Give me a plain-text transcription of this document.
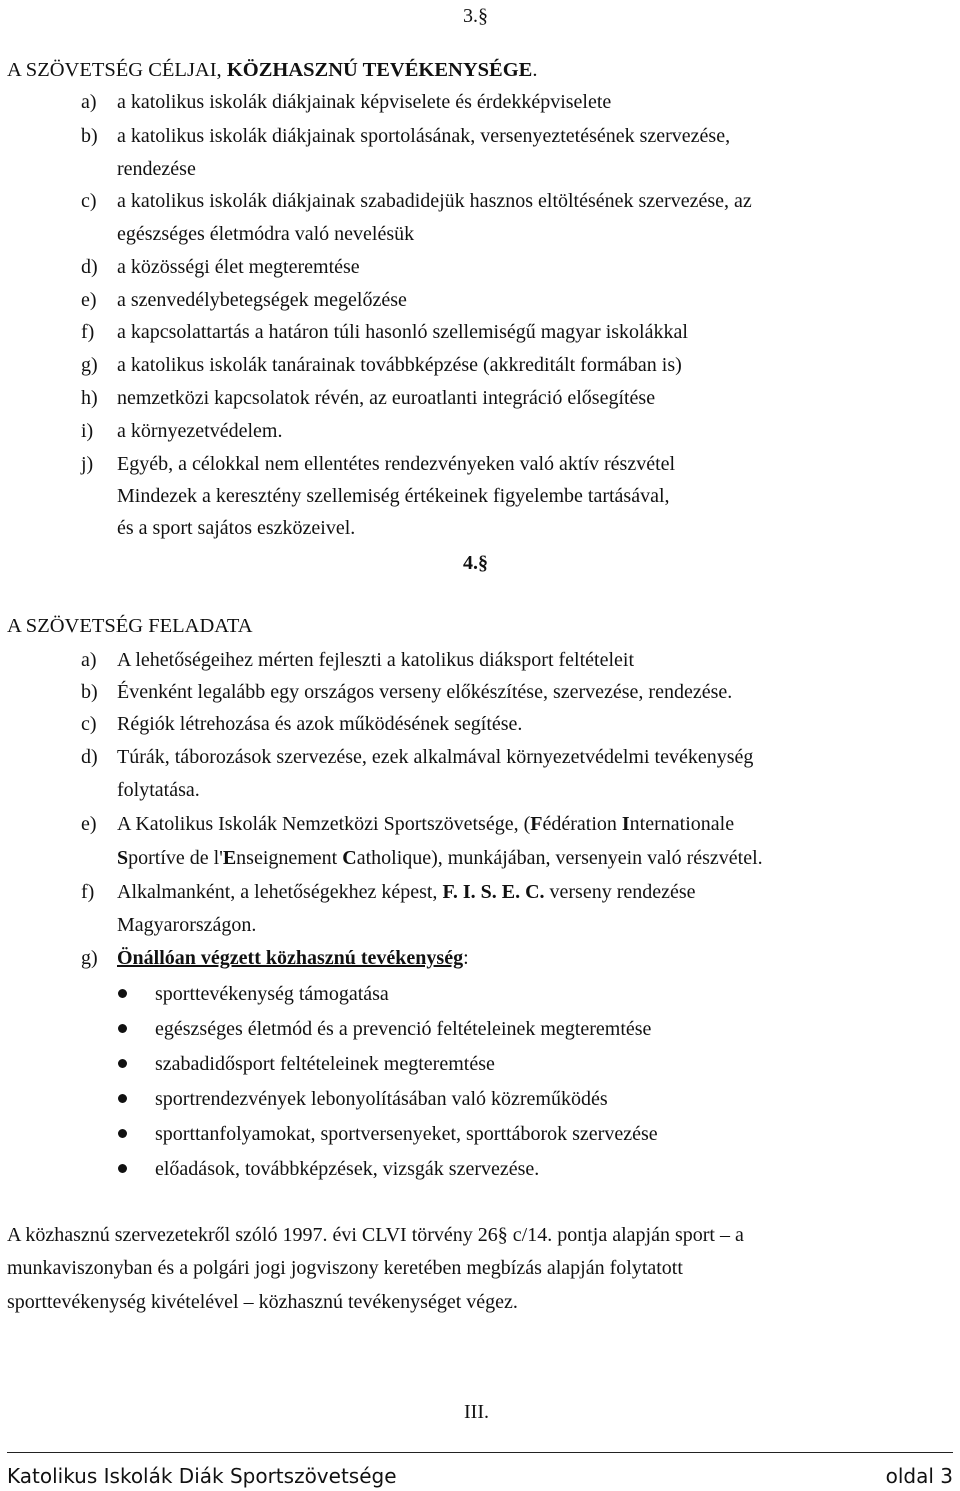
3.§
A SZÖVETSÉG CÉLJAI, KÖZHASZNÚ TEVÉKENYSÉGE.
a) a katolikus iskolák diákjainak képviselete és érdekképviselete
b) a katolikus iskolák diákjainak sportolásának, versenyeztetésének szervezése,
rendezése
c) a katolikus iskolák diákjainak szabadidejük hasznos eltöltésének szervezése, az
egészséges életmódra való nevelésük
d) a közösségi élet megteremtése
e) a szenvedélybetegségek megelőzése
f) a kapcsolattartás a határon túli hasonló szellemiségű magyar iskolákkal
g) a katolikus iskolák tanárainak továbbképzése (akkreditált formában is)
h) nemzetközi kapcsolatok révén, az euroatlanti integráció elősegítése
i) a környezetvédelem.
j) Egyéb, a célokkal nem ellentétes rendezvényeken való aktív részvétel
Mindezek a keresztény szellemiség értékeinek figyelembe tartásával,
és a sport sajátos eszközeivel.
4.§
A SZÖVETSÉG FELADATA
a) A lehetőségeihez mérten fejleszti a katolikus diáksport feltételeit
b) Évenként legalább egy országos verseny előkészítése, szervezése, rendezése.
c) Régiók létrehozása és azok működésének segítése.
d) Túrák, táborozások szervezése, ezek alkalmával környezetvédelmi tevékenység
folytatása.
e) A Katolikus Iskolák Nemzetközi Sportszövetsége, (Fédération Internationale
Sportíve de l'Enseignement Catholique), munkájában, versenyein való részvétel.
f) Alkalmanként, a lehetőségekhez képest, F. I. S. E. C. verseny rendezése
Magyarországon.
g) Önállóan végzett közhasznú tevékenység:
sporttevékenység támogatása
egészséges életmód és a prevenció feltételeinek megteremtése
szabadidősport feltételeinek megteremtése
sportrendezvények lebonyolításában való közreműködés
sporttanfolyamokat, sportversenyeket, sporttáborok szervezése
előadások, továbbképzések, vizsgák szervezése.
A közhasznú szervezetekről szóló 1997. évi CLVI törvény 26§ c/14. pontja alapján sport – a
munkaviszonyban és a polgári jogi jogviszony keretében megbízás alapján folytatott
sporttevékenység kivételével – közhasznú tevékenységet végez.
III.
Katolikus Iskolák Diák Sportszövetsége	oldal 3
